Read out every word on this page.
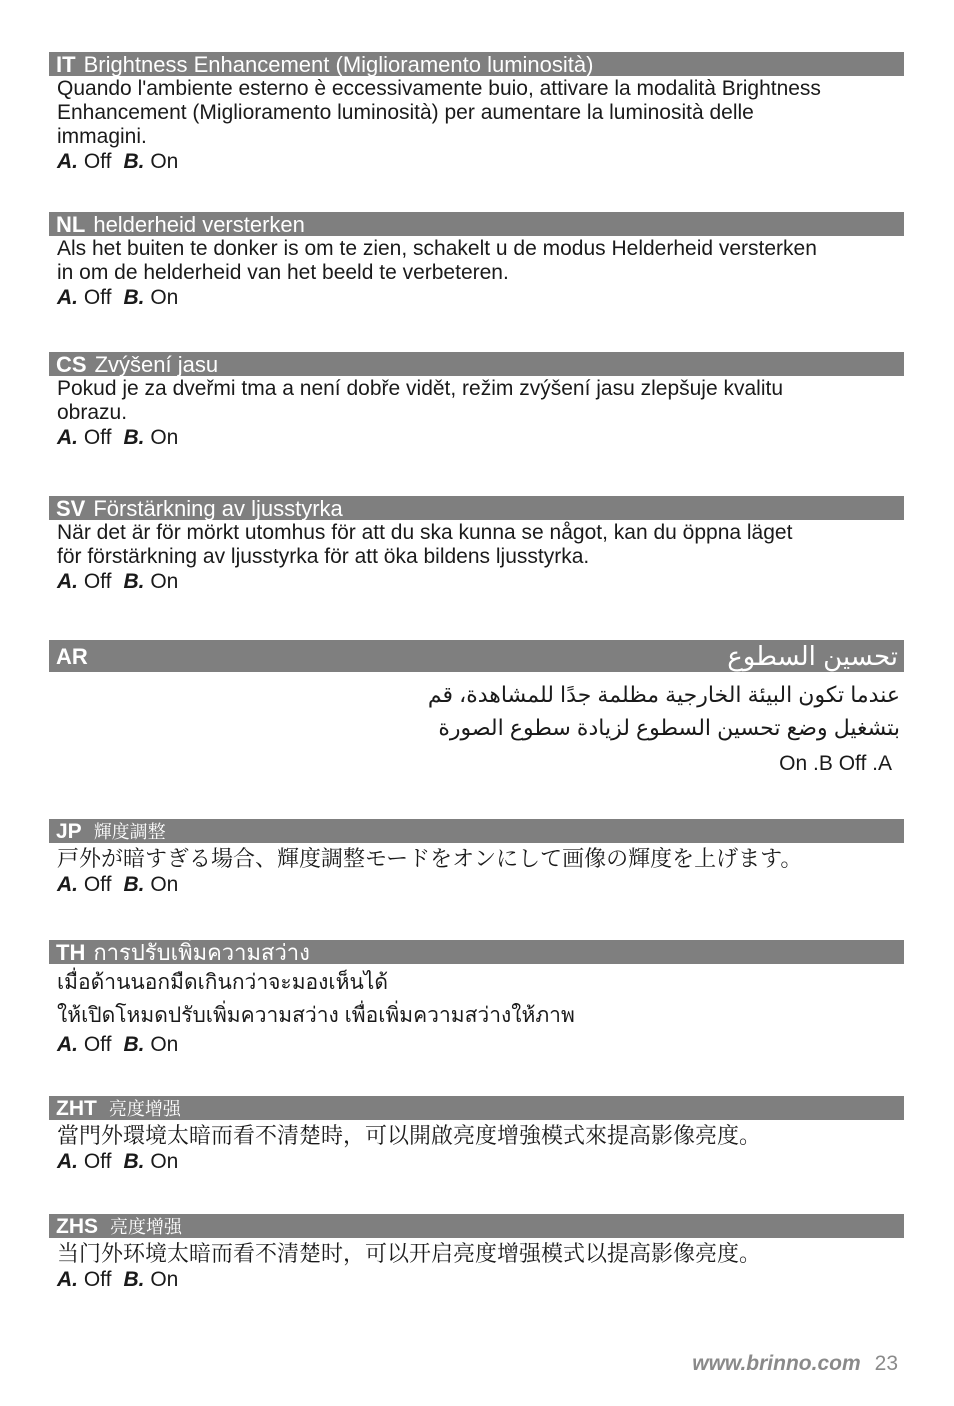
IT Brightness Enhancement (Miglioramento luminosità)
Quando l'ambiente esterno è eccessivamente buio, attivare la modalità Brightness
Enhancement (Miglioramento luminosità) per aumentare la luminosità delle
immagini.
A. Off B. On
NL helderheid versterken
Als het buiten te donker is om te zien, schakelt u de modus Helderheid versterken
in om de helderheid van het beeld te verbeteren.
A. Off B. On
CS Zvýšení jasu
Pokud je za dveřmi tma a není dobře vidět, režim zvýšení jasu zlepšuje kvalitu
obrazu.
A. Off B. On
SV Förstärkning av ljusstyrka
När det är för mörkt utomhus för att du ska kunna se något, kan du öppna läget
för förstärkning av ljusstyrka för att öka bildens ljusstyrka.
A. Off B. On
AR	تحسين السطوع
عندما تكون البيئة الخارجية مظلمة جدًا للمشاهدة، قم
بتشغيل وضع تحسين السطوع لزيادة سطوع الصورة
On .B Off .A
JP 輝度調整
戸外が暗すぎる場合、輝度調整モードをオンにして画像の輝度を上げます。
A. Off B. On
TH การปรับเพิ่มความสว่าง
เมื่อด้านนอกมืดเกินกว่าจะมองเห็นได้
ให้เปิดโหมดปรับเพิ่มความสว่าง เพื่อเพิ่มความสว่างให้ภาพ
A. Off B. On
ZHT 亮度增强
當門外環境太暗而看不清楚時，可以開啟亮度增強模式來提高影像亮度。
A. Off B. On
ZHS 亮度增强
当门外环境太暗而看不清楚时，可以开启亮度增强模式以提高影像亮度。
A. Off B. On
www.brinno.com 23
